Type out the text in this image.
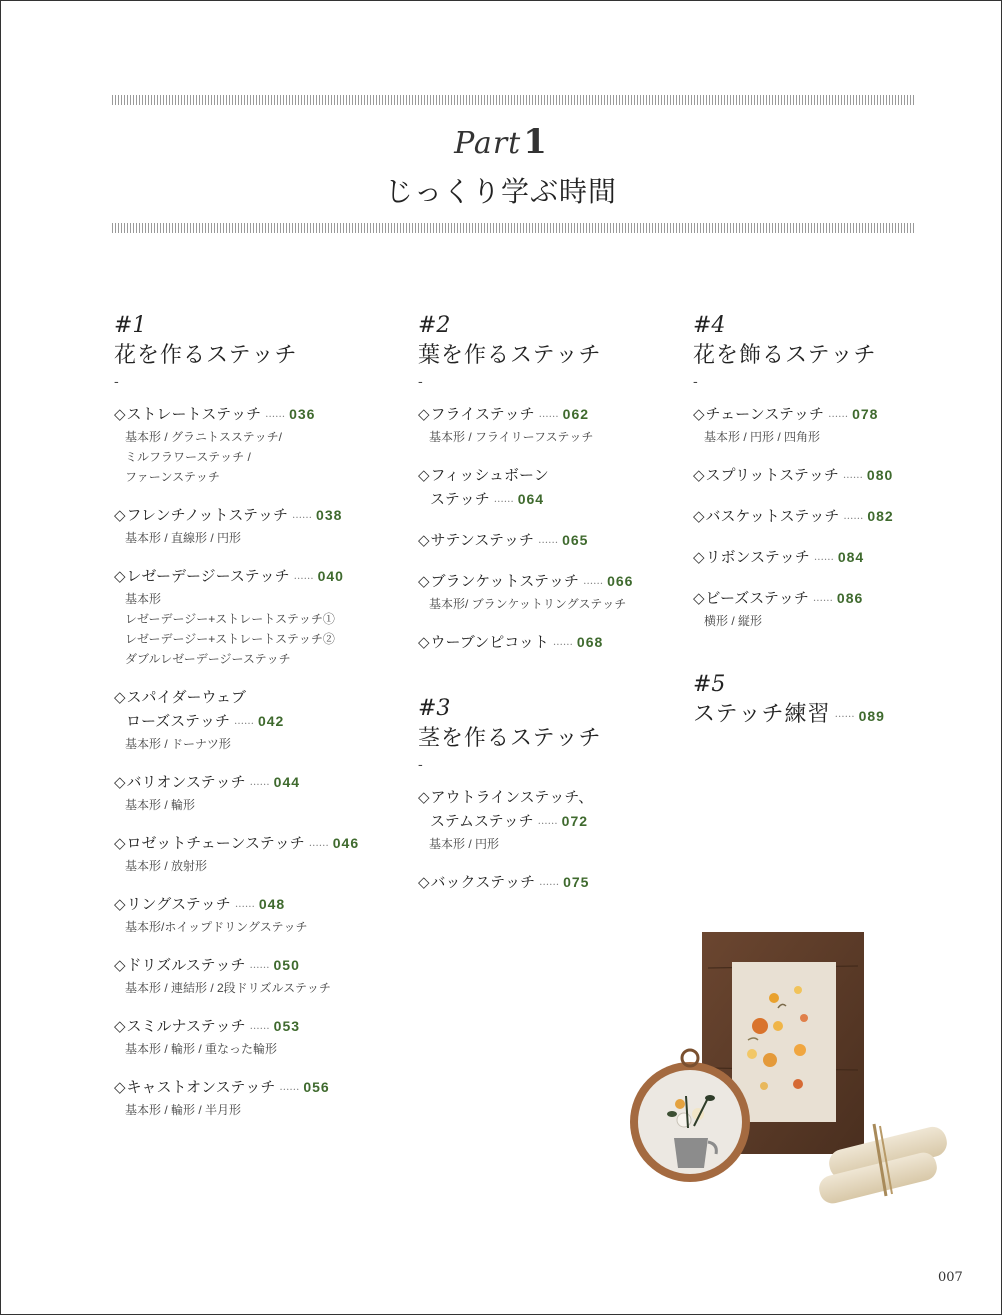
Part1
じっくり学ぶ時間
#1
花を作るステッチ
-
◇ストレートステッチ …… 036
基本形 / グラニトスステッチ/
ミルフラワーステッチ /
ファーンステッチ
◇フレンチノットステッチ …… 038
基本形 / 直線形 / 円形
◇レゼーデージーステッチ …… 040
基本形
レゼーデージー+ストレートステッチ①
レゼーデージー+ストレートステッチ②
ダブルレゼーデージーステッチ
◇スパイダーウェブ
ローズステッチ …… 042
基本形 / ドーナツ形
◇バリオンステッチ …… 044
基本形 / 輪形
◇ロゼットチェーンステッチ …… 046
基本形 / 放射形
◇リングステッチ …… 048
基本形/ホイップドリングステッチ
◇ドリズルステッチ …… 050
基本形 / 連結形 / 2段ドリズルステッチ
◇スミルナステッチ …… 053
基本形 / 輪形 / 重なった輪形
◇キャストオンステッチ …… 056
基本形 / 輪形 / 半月形
#2
葉を作るステッチ
-
◇フライステッチ …… 062
基本形 / フライリーフステッチ
◇フィッシュボーン
ステッチ …… 064
◇サテンステッチ …… 065
◇ブランケットステッチ …… 066
基本形/ ブランケットリングステッチ
◇ウーブンピコット …… 068
#3
茎を作るステッチ
-
◇アウトラインステッチ、
ステムステッチ …… 072
基本形 / 円形
◇バックステッチ …… 075
#4
花を飾るステッチ
-
◇チェーンステッチ …… 078
基本形 / 円形 / 四角形
◇スプリットステッチ …… 080
◇バスケットステッチ …… 082
◇リボンステッチ …… 084
◇ビーズステッチ …… 086
横形 / 縦形
#5
ステッチ練習 …… 089
007
